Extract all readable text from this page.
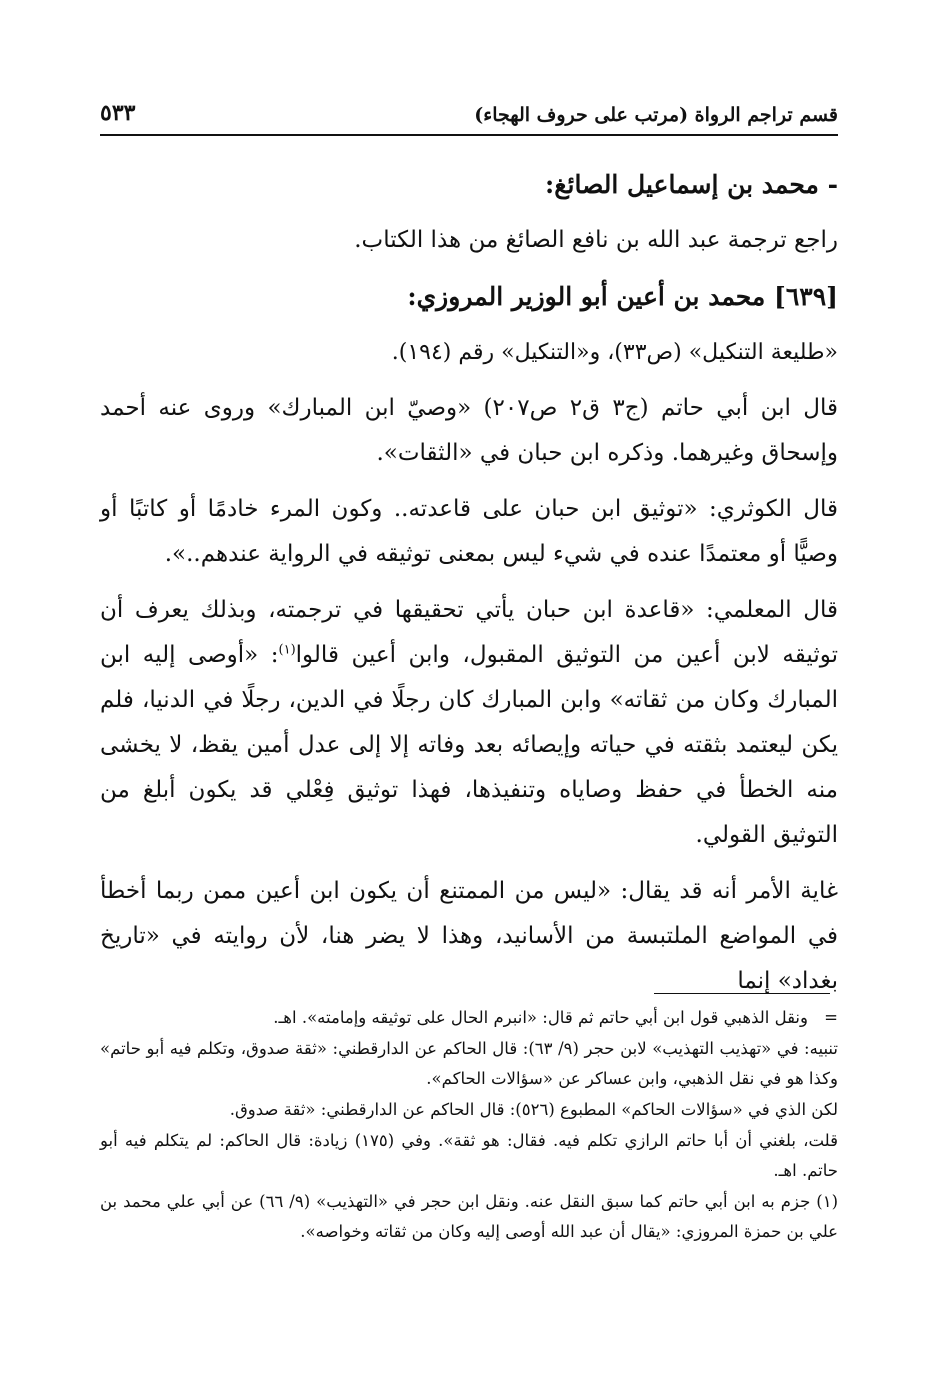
قسم تراجم الرواة (مرتب على حروف الهجاء)
٥٣٣

- محمد بن إسماعيل الصائغ:

راجع ترجمة عبد الله بن نافع الصائغ من هذا الكتاب.

[٦٣٩] محمد بن أعين أبو الوزير المروزي:

«طليعة التنكيل» (ص٣٣)، و«التنكيل» رقم (١٩٤).

قال ابن أبي حاتم (ج٣ ق٢ ص٢٠٧) «وصيّ ابن المبارك» وروى عنه أحمد وإسحاق وغيرهما. وذكره ابن حبان في «الثقات».

قال الكوثري: «توثيق ابن حبان على قاعدته.. وكون المرء خادمًا أو كاتبًا أو وصيًّا أو معتمدًا عنده في شيء ليس بمعنى توثيقه في الرواية عندهم..».

قال المعلمي: «قاعدة ابن حبان يأتي تحقيقها في ترجمته، وبذلك يعرف أن توثيقه لابن أعين من التوثيق المقبول، وابن أعين قالوا$^{(١)}$: «أوصى إليه ابن المبارك وكان من ثقاته» وابن المبارك كان رجلًا في الدين، رجلًا في الدنيا، فلم يكن ليعتمد بثقته في حياته وإيصائه بعد وفاته إلا إلى عدل أمين يقظ، لا يخشى منه الخطأ في حفظ وصاياه وتنفيذها، فهذا توثيق فِعْلي قد يكون أبلغ من التوثيق القولي.

غاية الأمر أنه قد يقال: «ليس من الممتنع أن يكون ابن أعين ممن ربما أخطأ في المواضع الملتبسة من الأسانيد، وهذا لا يضر هنا، لأن روايته في «تاريخ بغداد» إنما

=
ونقل الذهبي قول ابن أبي حاتم ثم قال: «انبرم الحال على توثيقه وإمامته». اهـ.

تنبيه: في «تهذيب التهذيب» لابن حجر (٩/ ٦٣): قال الحاكم عن الدارقطني: «ثقة صدوق، وتكلم فيه أبو حاتم» وكذا هو في نقل الذهبي، وابن عساكر عن «سؤالات الحاكم».

لكن الذي في «سؤالات الحاكم» المطبوع (٥٢٦): قال الحاكم عن الدارقطني: «ثقة صدوق.

قلت، بلغني أن أبا حاتم الرازي تكلم فيه. فقال: هو ثقة». وفي (١٧٥) زيادة: قال الحاكم: لم يتكلم فيه أبو حاتم. اهـ.

(١) جزم به ابن أبي حاتم كما سبق النقل عنه. ونقل ابن حجر في «التهذيب» (٩/ ٦٦) عن أبي علي محمد بن علي بن حمزة المروزي: «يقال أن عبد الله أوصى إليه وكان من ثقاته وخواصه».
